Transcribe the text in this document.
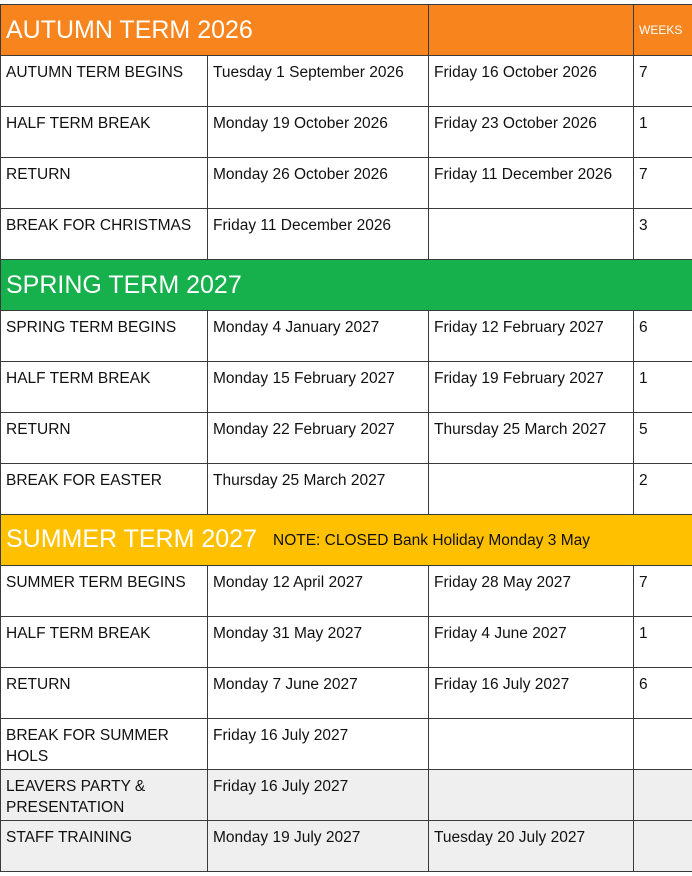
AUTUMN TERM 2026			WEEKS
AUTUMN TERM BEGINS	Tuesday 1 September 2026	Friday 16 October 2026	7
HALF TERM BREAK	Monday 19 October 2026	Friday 23 October 2026	1
RETURN	Monday 26 October 2026	Friday 11 December 2026	7
BREAK FOR CHRISTMAS	Friday 11 December 2026		3
SPRING TERM 2027			
SPRING TERM BEGINS	Monday 4 January 2027	Friday 12 February 2027	6
HALF TERM BREAK	Monday 15 February 2027	Friday 19 February 2027	1
RETURN	Monday 22 February 2027	Thursday 25 March 2027	5
BREAK FOR EASTER	Thursday 25 March 2027		2
SUMMER TERM 2027 NOTE: CLOSED Bank Holiday Monday 3 May			
SUMMER TERM BEGINS	Monday 12 April 2027	Friday 28 May 2027	7
HALF TERM BREAK	Monday 31 May 2027	Friday 4 June 2027	1
RETURN	Monday 7 June 2027	Friday 16 July 2027	6
BREAK FOR SUMMER HOLS	Friday 16 July 2027		
LEAVERS PARTY & PRESENTATION	Friday 16 July 2027		
STAFF TRAINING	Monday 19 July 2027	Tuesday 20 July 2027	
